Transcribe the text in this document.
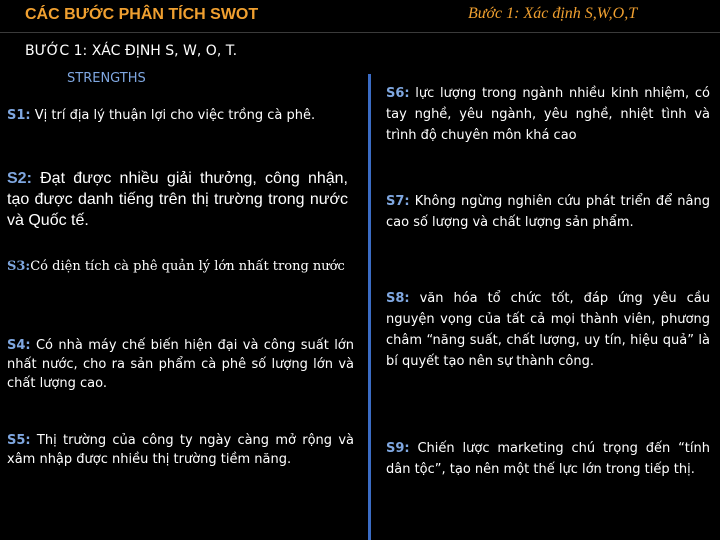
CÁC BƯỚC PHÂN TÍCH SWOT	Bước 1: Xác định S,W,O,T
BƯỚC 1: XÁC ĐỊNH S, W, O, T.
STRENGTHS
S1: Vị trí địa lý thuận lợi cho việc trồng cà phê.
S2: Đạt được nhiều giải thưởng, công nhận, tạo được danh tiếng trên thị trường trong nước và Quốc tế.
S3:Có diện tích cà phê quản lý lớn nhất trong nước
S4: Có nhà máy chế biến hiện đại và công suất lớn nhất nước, cho ra sản phẩm cà phê số lượng lớn và chất lượng cao.
S5: Thị trường của công ty ngày càng mở rộng và xâm nhập được nhiều thị trường tiềm năng.
S6: lực lượng trong ngành nhiều kinh nhiệm, có tay nghề, yêu ngành, yêu nghề, nhiệt tình và trình độ chuyên môn khá cao
S7: Không ngừng nghiên cứu phát triển để nâng cao số lượng và chất lượng sản phẩm.
S8: văn hóa tổ chức tốt, đáp ứng yêu cầu nguyện vọng của tất cả mọi thành viên, phương châm “năng suất, chất lượng, uy tín, hiệu quả” là bí quyết tạo nên sự thành công.
S9: Chiến lược marketing chú trọng đến “tính dân tộc”, tạo nên một thế lực lớn trong tiếp thị.
